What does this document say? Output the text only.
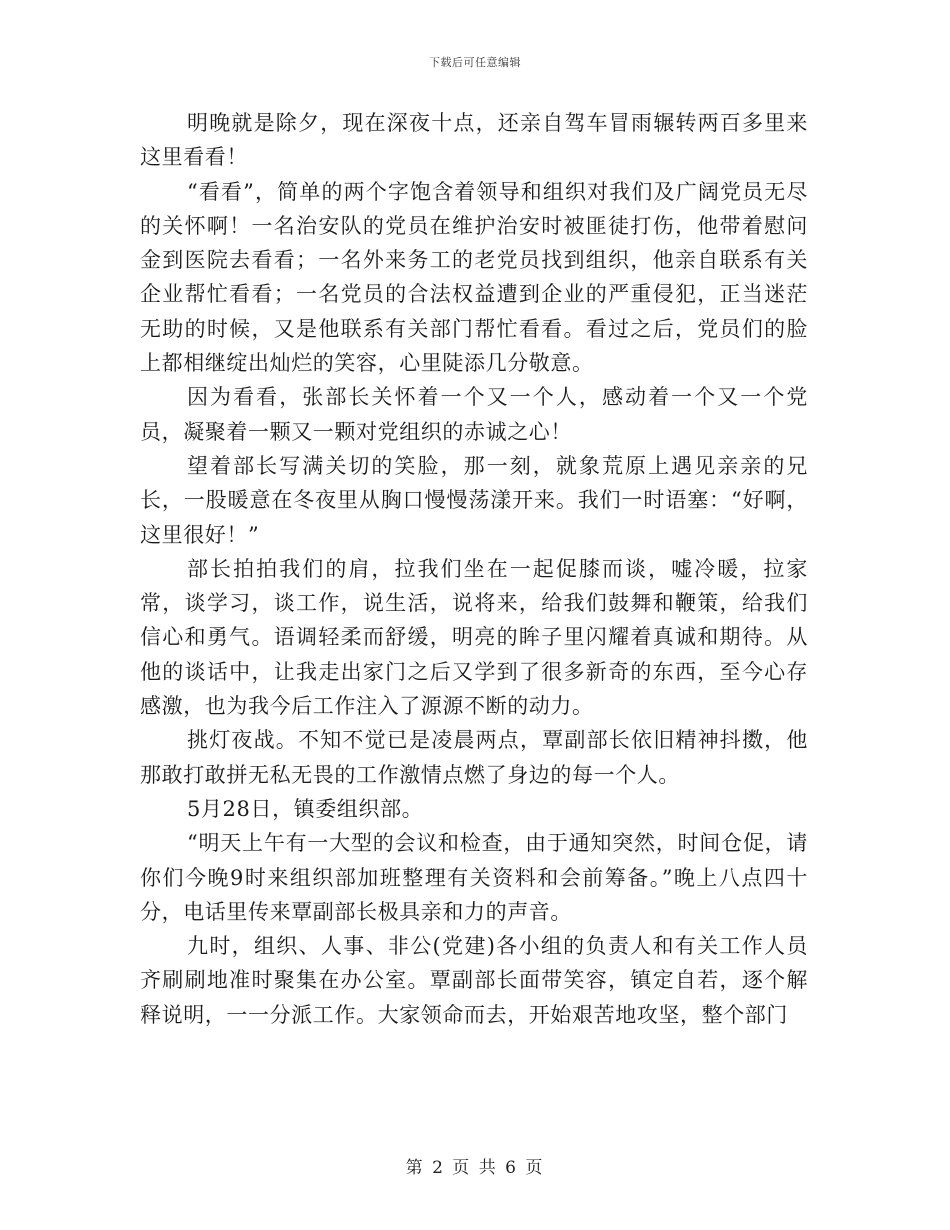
下载后可任意编辑

明晚就是除夕，现在深夜十点，还亲自驾车冒雨辗转两百多里来这里看看！

“看看”，简单的两个字饱含着领导和组织对我们及广阔党员无尽的关怀啊！一名治安队的党员在维护治安时被匪徒打伤，他带着慰问金到医院去看看；一名外来务工的老党员找到组织，他亲自联系有关企业帮忙看看；一名党员的合法权益遭到企业的严重侵犯，正当迷茫无助的时候，又是他联系有关部门帮忙看看。看过之后，党员们的脸上都相继绽出灿烂的笑容，心里陡添几分敬意。

因为看看，张部长关怀着一个又一个人，感动着一个又一个党员，凝聚着一颗又一颗对党组织的赤诚之心！

望着部长写满关切的笑脸，那一刻，就象荒原上遇见亲亲的兄长，一股暖意在冬夜里从胸口慢慢荡漾开来。我们一时语塞：“好啊，这里很好！”

部长拍拍我们的肩，拉我们坐在一起促膝而谈，嘘冷暖，拉家常，谈学习，谈工作，说生活，说将来，给我们鼓舞和鞭策，给我们信心和勇气。语调轻柔而舒缓，明亮的眸子里闪耀着真诚和期待。从他的谈话中，让我走出家门之后又学到了很多新奇的东西，至今心存感激，也为我今后工作注入了源源不断的动力。

挑灯夜战。不知不觉已是凌晨两点，覃副部长依旧精神抖擞，他那敢打敢拼无私无畏的工作激情点燃了身边的每一个人。

5月28日，镇委组织部。

“明天上午有一大型的会议和检查，由于通知突然，时间仓促，请你们今晚9时来组织部加班整理有关资料和会前筹备。”晚上八点四十分，电话里传来覃副部长极具亲和力的声音。

九时，组织、人事、非公(党建)各小组的负责人和有关工作人员齐刷刷地准时聚集在办公室。覃副部长面带笑容，镇定自若，逐个解释说明，一一分派工作。大家领命而去，开始艰苦地攻坚，整个部门

第 2 页 共 6 页
